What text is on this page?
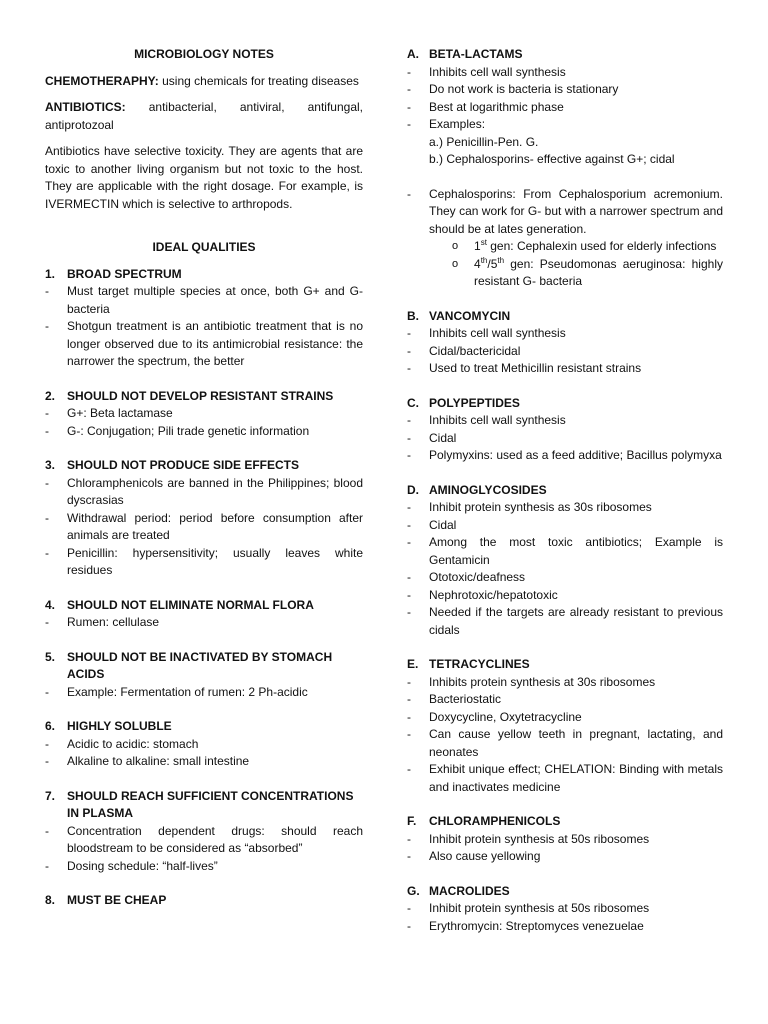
MICROBIOLOGY NOTES

CHEMOTHERAPHY: using chemicals for treating diseases

ANTIBIOTICS: antibacterial, antiviral, antifungal, antiprotozoal

Antibiotics have selective toxicity. They are agents that are toxic to another living organism but not toxic to the host. They are applicable with the right dosage. For example, is IVERMECTIN which is selective to arthropods.

IDEAL QUALITIES
1. BROAD SPECTRUM
- Must target multiple species at once, both G+ and G- bacteria
- Shotgun treatment is an antibiotic treatment that is no longer observed due to its antimicrobial resistance: the narrower the spectrum, the better
2. SHOULD NOT DEVELOP RESISTANT STRAINS
- G+: Beta lactamase
- G-: Conjugation; Pili trade genetic information
3. SHOULD NOT PRODUCE SIDE EFFECTS
- Chloramphenicols are banned in the Philippines; blood dyscrasias
- Withdrawal period: period before consumption after animals are treated
- Penicillin: hypersensitivity; usually leaves white residues
4. SHOULD NOT ELIMINATE NORMAL FLORA
- Rumen: cellulase
5. SHOULD NOT BE INACTIVATED BY STOMACH ACIDS
- Example: Fermentation of rumen: 2 Ph-acidic
6. HIGHLY SOLUBLE
- Acidic to acidic: stomach
- Alkaline to alkaline: small intestine
7. SHOULD REACH SUFFICIENT CONCENTRATIONS IN PLASMA
- Concentration dependent drugs: should reach bloodstream to be considered as “absorbed”
- Dosing schedule: “half-lives”
8. MUST BE CHEAP
A. BETA-LACTAMS
- Inhibits cell wall synthesis
- Do not work is bacteria is stationary
- Best at logarithmic phase
- Examples:
a.) Penicillin-Pen. G.
b.) Cephalosporins- effective against G+; cidal
- Cephalosporins: From Cephalosporium acremonium. They can work for G- but with a narrower spectrum and should be at lates generation.
o 1st gen: Cephalexin used for elderly infections
o 4th/5th gen: Pseudomonas aeruginosa: highly resistant G- bacteria
B. VANCOMYCIN
- Inhibits cell wall synthesis
- Cidal/bactericidal
- Used to treat Methicillin resistant strains
C. POLYPEPTIDES
- Inhibits cell wall synthesis
- Cidal
- Polymyxins: used as a feed additive; Bacillus polymyxa
D. AMINOGLYCOSIDES
- Inhibit protein synthesis as 30s ribosomes
- Cidal
- Among the most toxic antibiotics; Example is Gentamicin
- Ototoxic/deafness
- Nephrotoxic/hepatotoxic
- Needed if the targets are already resistant to previous cidals
E. TETRACYCLINES
- Inhibits protein synthesis at 30s ribosomes
- Bacteriostatic
- Doxycycline, Oxytetracycline
- Can cause yellow teeth in pregnant, lactating, and neonates
- Exhibit unique effect; CHELATION: Binding with metals and inactivates medicine
F.	CHLORAMPHENICOLS
- Inhibit protein synthesis at 50s ribosomes
- Also cause yellowing
G. MACROLIDES
- Inhibit protein synthesis at 50s ribosomes
- Erythromycin: Streptomyces venezuelae
